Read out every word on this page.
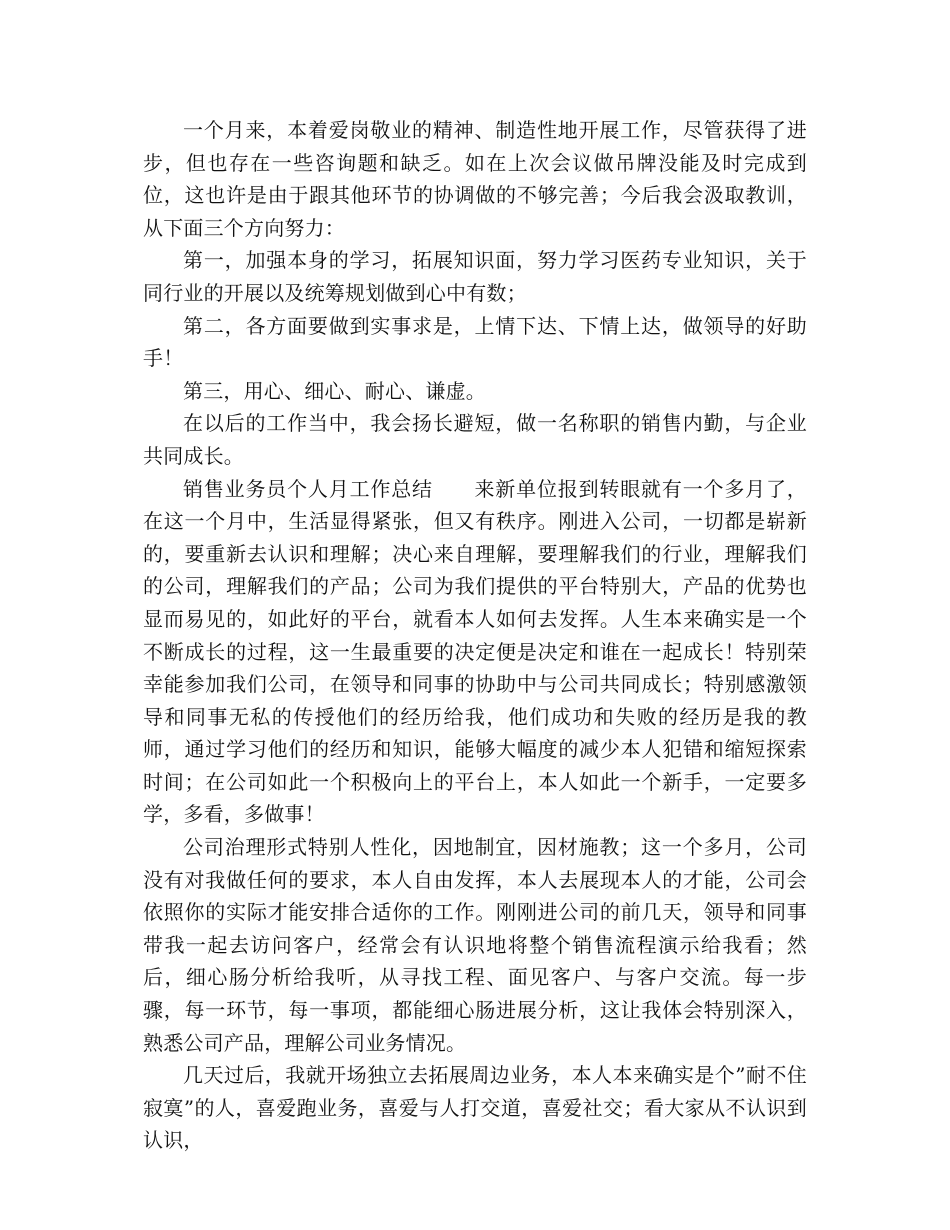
一个月来，本着爱岗敬业的精神、制造性地开展工作，尽管获得了进步，但也存在一些咨询题和缺乏。如在上次会议做吊牌没能及时完成到位，这也许是由于跟其他环节的协调做的不够完善；今后我会汲取教训，从下面三个方向努力：

第一，加强本身的学习，拓展知识面，努力学习医药专业知识，关于同行业的开展以及统筹规划做到心中有数；

第二，各方面要做到实事求是，上情下达、下情上达，做领导的好助手！

第三，用心、细心、耐心、谦虚。

在以后的工作当中，我会扬长避短，做一名称职的销售内勤，与企业共同成长。

销售业务员个人月工作总结　　来新单位报到转眼就有一个多月了，在这一个月中，生活显得紧张，但又有秩序。刚进入公司，一切都是崭新的，要重新去认识和理解；决心来自理解，要理解我们的行业，理解我们的公司，理解我们的产品；公司为我们提供的平台特别大，产品的优势也显而易见的，如此好的平台，就看本人如何去发挥。人生本来确实是一个不断成长的过程，这一生最重要的决定便是决定和谁在一起成长！特别荣幸能参加我们公司，在领导和同事的协助中与公司共同成长；特别感激领导和同事无私的传授他们的经历给我，他们成功和失败的经历是我的教师，通过学习他们的经历和知识，能够大幅度的减少本人犯错和缩短探索时间；在公司如此一个积极向上的平台上，本人如此一个新手，一定要多学，多看，多做事！

公司治理形式特别人性化，因地制宜，因材施教；这一个多月，公司没有对我做任何的要求，本人自由发挥，本人去展现本人的才能，公司会依照你的实际才能安排合适你的工作。刚刚进公司的前几天，领导和同事带我一起去访问客户，经常会有认识地将整个销售流程演示给我看；然后，细心肠分析给我听，从寻找工程、面见客户、与客户交流。每一步骤，每一环节，每一事项，都能细心肠进展分析，这让我体会特别深入，熟悉公司产品，理解公司业务情况。

几天过后，我就开场独立去拓展周边业务，本人本来确实是个”耐不住寂寞”的人，喜爱跑业务，喜爱与人打交道，喜爱社交；看大家从不认识到认识，
